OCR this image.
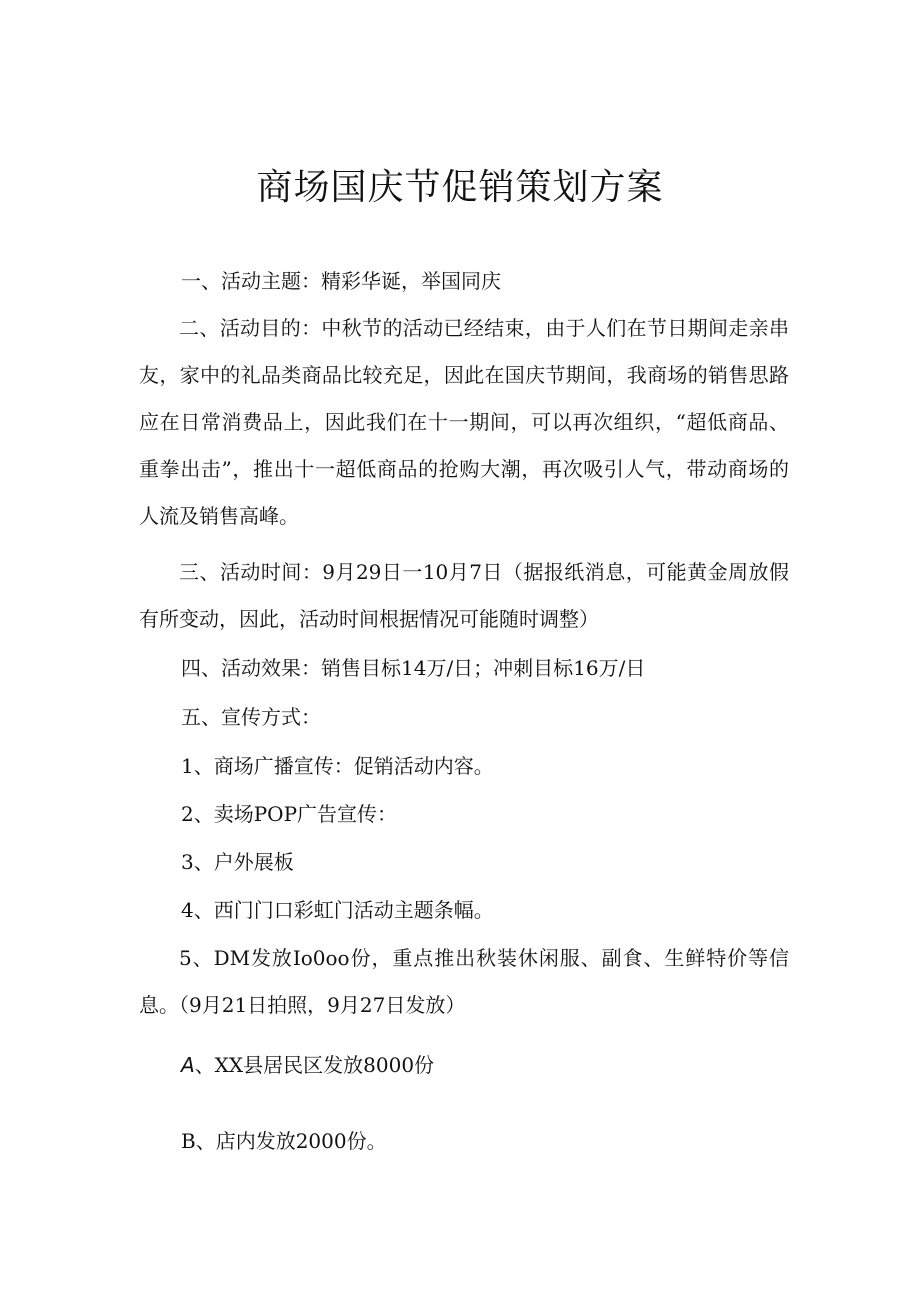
商场国庆节促销策划方案

一、活动主题：精彩华诞，举国同庆

二、活动目的：中秋节的活动已经结束，由于人们在节日期间走亲串友，家中的礼品类商品比较充足，因此在国庆节期间，我商场的销售思路应在日常消费品上，因此我们在十一期间，可以再次组织，“超低商品、重拳出击”，推出十一超低商品的抢购大潮，再次吸引人气，带动商场的人流及销售高峰。

三、活动时间：9月29日一10月7日（据报纸消息，可能黄金周放假有所变动，因此，活动时间根据情况可能随时调整）

四、活动效果：销售目标14万/日；冲刺目标16万/日

五、宣传方式：

1、商场广播宣传：促销活动内容。

2、卖场POP广告宣传：

3、户外展板

4、西门门口彩虹门活动主题条幅。

5、DM发放Io0oo份，重点推出秋装休闲服、副食、生鲜特价等信息。（9月21日拍照，9月27日发放）

A、XX县居民区发放8000份

B、店内发放2000份。
